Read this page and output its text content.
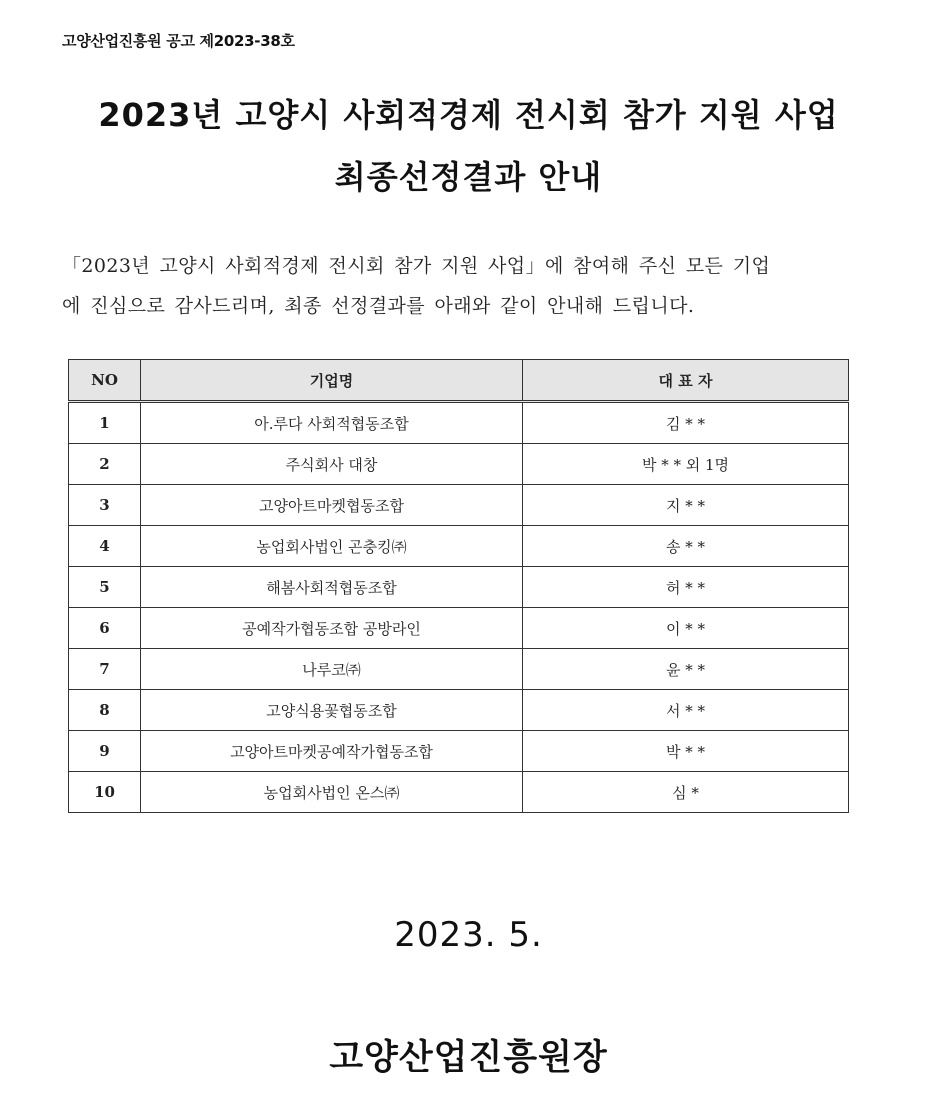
고양산업진흥원 공고 제2023-38호
2023년 고양시 사회적경제 전시회 참가 지원 사업
최종선정결과 안내
「2023년 고양시 사회적경제 전시회 참가 지원 사업」에 참여해 주신 모든 기업
에 진심으로 감사드리며, 최종 선정결과를 아래와 같이 안내해 드립니다.
NO	기업명	대 표 자
1	아.루다 사회적협동조합	김 * *
2	주식회사 대창	박 * * 외 1명
3	고양아트마켓협동조합	지 * *
4	농업회사법인 곤충킹㈜	송 * *
5	해봄사회적협동조합	허 * *
6	공예작가협동조합 공방라인	이 * *
7	나루코㈜	윤 * *
8	고양식용꽃협동조합	서 * *
9	고양아트마켓공예작가협동조합	박 * *
10	농업회사법인 온스㈜	심 *
2023. 5.
고양산업진흥원장
